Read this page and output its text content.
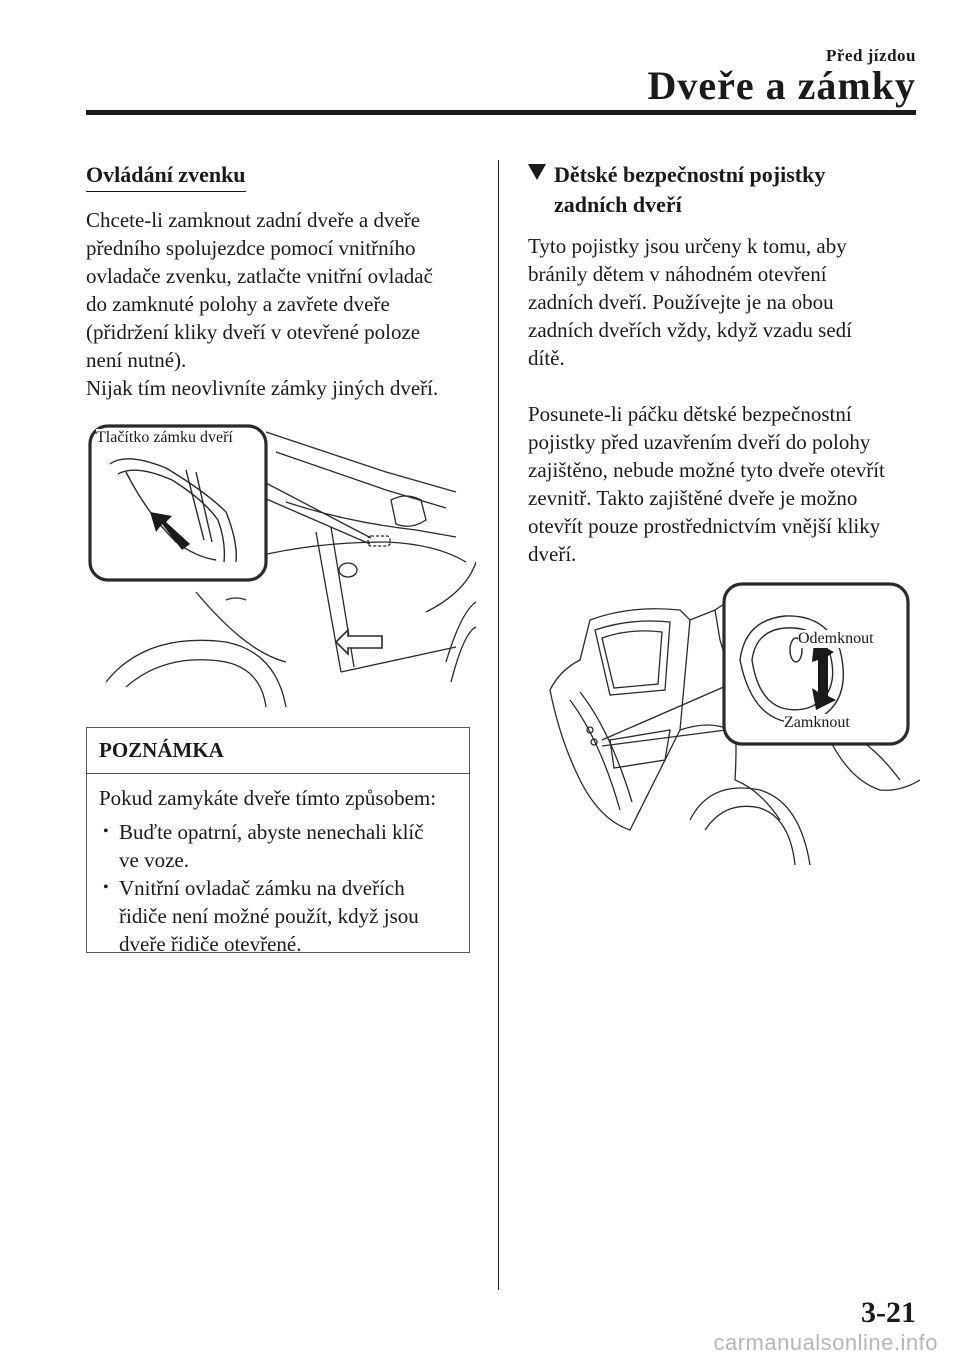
Před jízdou
Dveře a zámky
Ovládání zvenku

Chcete-li zamknout zadní dveře a dveře
předního spolujezdce pomocí vnitřního
ovladače zvenku, zatlačte vnitřní ovladač
do zamknuté polohy a zavřete dveře
(přidržení kliky dveří v otevřené poloze
není nutné).
Nijak tím neovlivníte zámky jiných dveří.

Tlačítko zámku dveří
POZNÁMKA
Pokud zamykáte dveře tímto způsobem:
• Buďte opatrní, abyste nenechali klíč
ve voze.
• Vnitřní ovladač zámku na dveřích
řidiče není možné použít, když jsou
dveře řidiče otevřené.
Dětské bezpečnostní pojistky
zadních dveří

Tyto pojistky jsou určeny k tomu, aby
bránily dětem v náhodném otevření
zadních dveří. Používejte je na obou
zadních dveřích vždy, když vzadu sedí
dítě.

Posunete-li páčku dětské bezpečnostní
pojistky před uzavřením dveří do polohy
zajištěno, nebude možné tyto dveře otevřít
zevnitř. Takto zajištěné dveře je možno
otevřít pouze prostřednictvím vnější kliky
dveří.

Odemknout
Zamknout
3-21
carmanualsonline.info
